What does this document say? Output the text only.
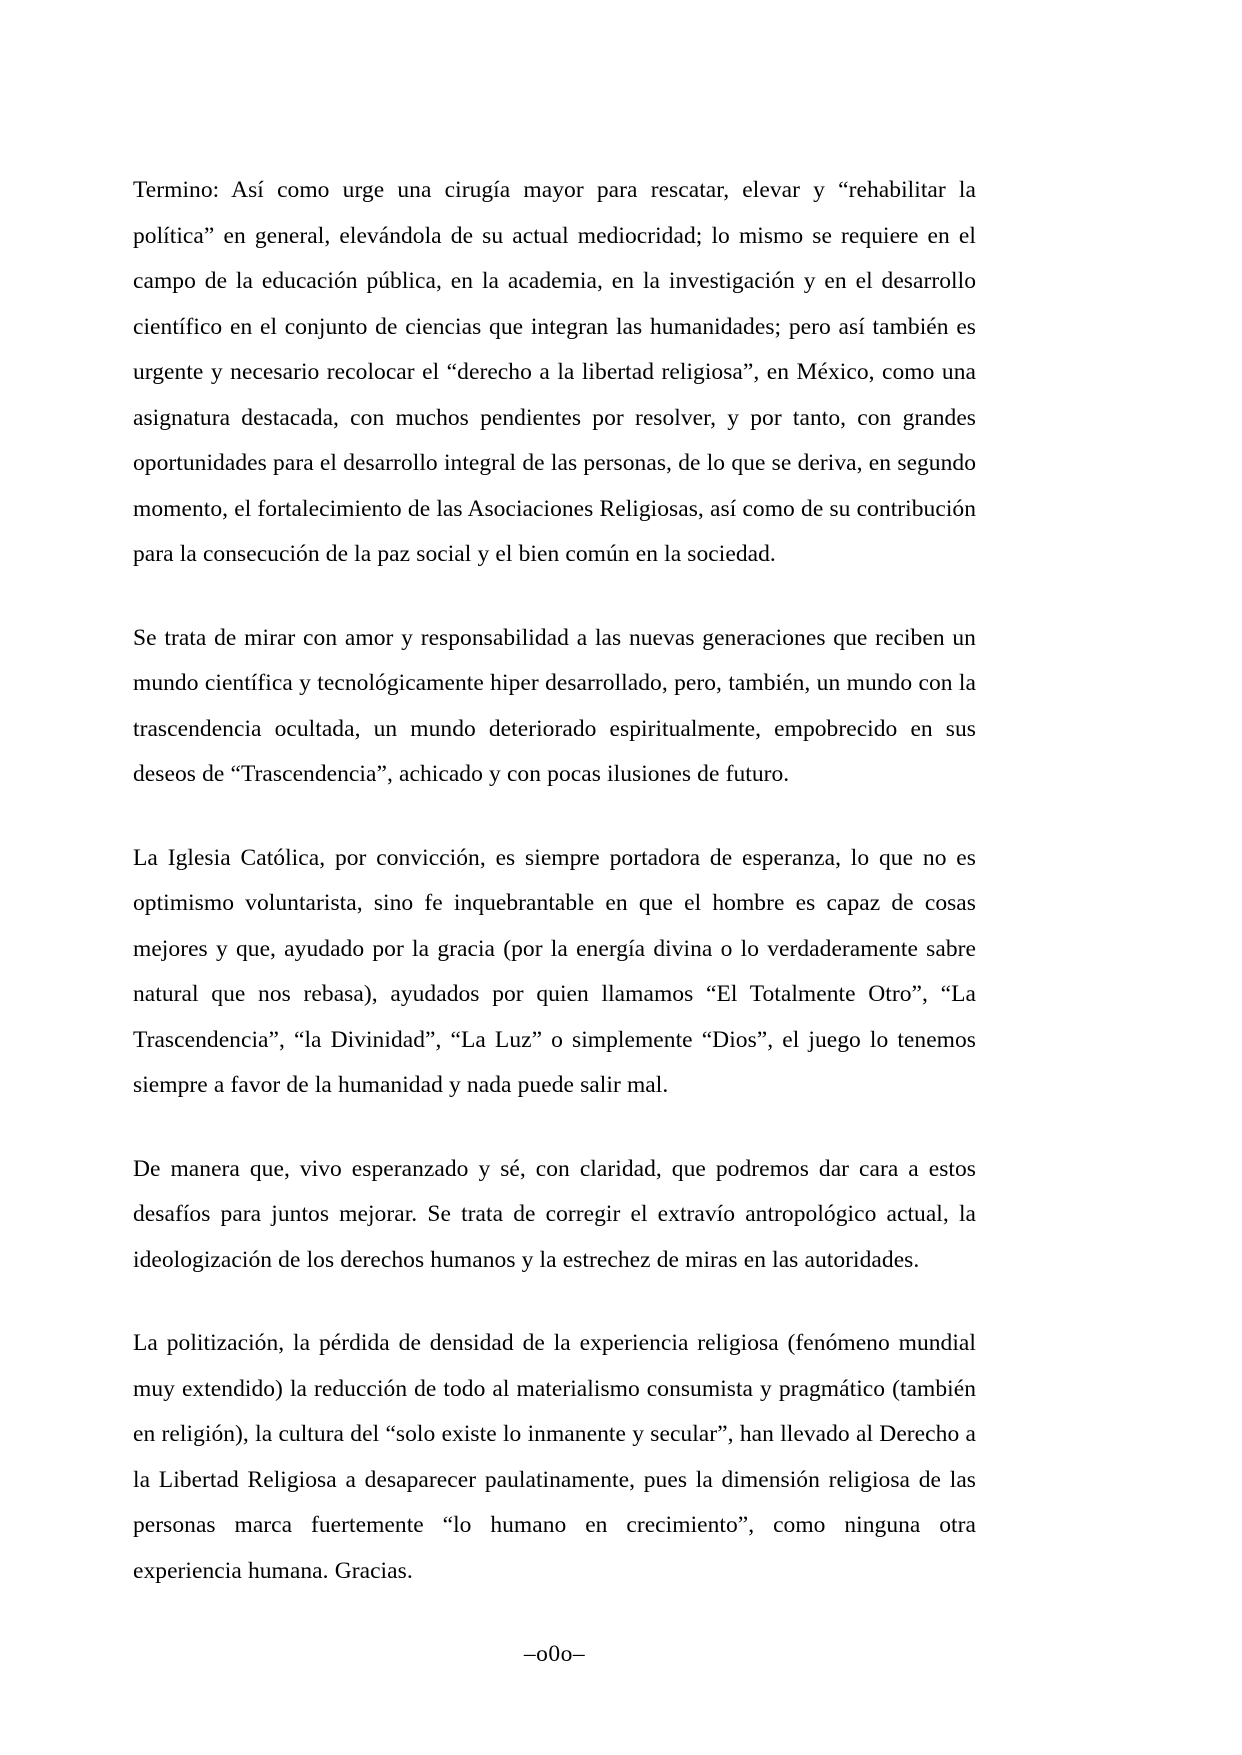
Termino: Así como urge una cirugía mayor para rescatar, elevar y “rehabilitar la política” en general, elevándola de su actual mediocridad; lo mismo se requiere en el campo de la educación pública, en la academia, en la investigación y en el desarrollo científico en el conjunto de ciencias que integran las humanidades; pero así también es urgente y necesario recolocar el “derecho a la libertad religiosa”, en México, como una asignatura destacada, con muchos pendientes por resolver, y por tanto, con grandes oportunidades para el desarrollo integral de las personas, de lo que se deriva, en segundo momento, el fortalecimiento de las Asociaciones Religiosas, así como de su contribución para la consecución de la paz social y el bien común en la sociedad.

Se trata de mirar con amor y responsabilidad a las nuevas generaciones que reciben un mundo científica y tecnológicamente hiper desarrollado, pero, también, un mundo con la trascendencia ocultada, un mundo deteriorado espiritualmente, empobrecido en sus deseos de “Trascendencia”, achicado y con pocas ilusiones de futuro.

La Iglesia Católica, por convicción, es siempre portadora de esperanza, lo que no es optimismo voluntarista, sino fe inquebrantable en que el hombre es capaz de cosas mejores y que, ayudado por la gracia (por la energía divina o lo verdaderamente sabre natural que nos rebasa), ayudados por quien llamamos “El Totalmente Otro”, “La Trascendencia”, “la Divinidad”, “La Luz” o simplemente “Dios”, el juego lo tenemos siempre a favor de la humanidad y nada puede salir mal.

De manera que, vivo esperanzado y sé, con claridad, que podremos dar cara a estos desafíos para juntos mejorar. Se trata de corregir el extravío antropológico actual, la ideologización de los derechos humanos y la estrechez de miras en las autoridades.

La politización, la pérdida de densidad de la experiencia religiosa (fenómeno mundial muy extendido) la reducción de todo al materialismo consumista y pragmático (también en religión), la cultura del “solo existe lo inmanente y secular”, han llevado al Derecho a la Libertad Religiosa a desaparecer paulatinamente, pues la dimensión religiosa de las personas marca fuertemente “lo humano en crecimiento”, como ninguna otra experiencia humana. Gracias.

–o0o–
